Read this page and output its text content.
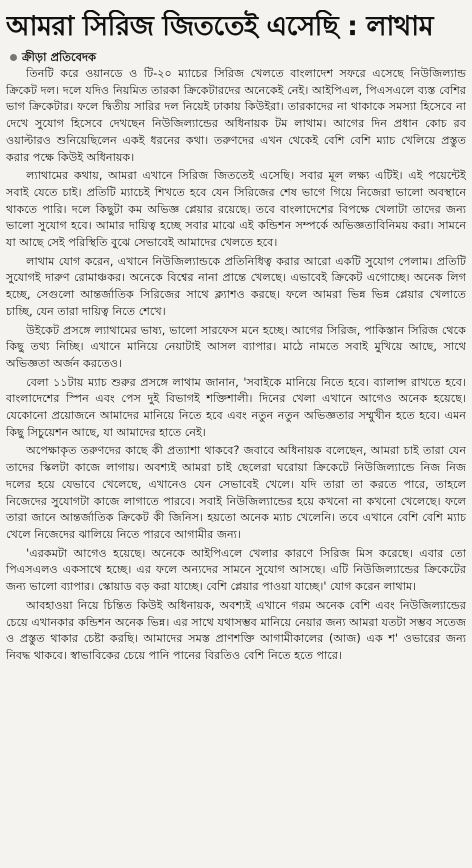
আমরা সিরিজ জিততেই এসেছি : লাথাম
ক্রীড়া প্রতিবেদক

তিনটি করে ওয়ানডে ও টি-২০ ম্যাচের সিরিজ খেলতে বাংলাদেশ সফরে এসেছে নিউজিল্যান্ড ক্রিকেট দল। দলে যদিও নিয়মিত তারকা ক্রিকেটারদের অনেকেই নেই। আইপিএল, পিএসএলে ব্যস্ত বেশির ভাগ ক্রিকেটার। ফলে দ্বিতীয় সারির দল নিয়েই ঢাকায় কিউইরা। তারকাদের না থাকাকে সমস্যা হিসেবে না দেখে সুযোগ হিসেবে দেখছেন নিউজিল্যান্ডের অধিনায়ক টম লাথাম। আগের দিন প্রধান কোচ রব ওয়াল্টারও শুনিয়েছিলেন একই ধরনের কথা। তরুণদের এখন থেকেই বেশি বেশি ম্যাচ খেলিয়ে প্রস্তুত করার পক্ষে কিউই অধিনায়ক।

ল্যাথামের কথায়, আমরা এখানে সিরিজ জিততেই এসেছি। সবার মূল লক্ষ্য এটিই। এই পয়েন্টেই সবাই যেতে চাই। প্রতিটি ম্যাচেই শিখতে হবে যেন সিরিজের শেষ ভাগে গিয়ে নিজেরা ভালো অবস্থানে থাকতে পারি। দলে কিছুটা কম অভিজ্ঞ প্লেয়ার রয়েছে। তবে বাংলাদেশের বিপক্ষে খেলাটা তাদের জন্য ভালো সুযোগ হবে। আমার দায়িত্ব হচ্ছে সবার মাঝে এই কন্ডিশন সম্পর্কে অভিজ্ঞতাবিনিময় করা। সামনে যা আছে সেই পরিস্থিতি বুঝে সেভাবেই আমাদের খেলতে হবে।

লাথাম যোগ করেন, এখানে নিউজিল্যান্ডকে প্রতিনিধিত্ব করার আরো একটি সুযোগ পেলাম। প্রতিটি সুযোগই দারুণ রোমাঞ্চকর। অনেকে বিশ্বের নানা প্রান্তে খেলছে। এভাবেই ক্রিকেট এগোচ্ছে। অনেক লিগ হচ্ছে, সেগুলো আন্তর্জাতিক সিরিজের সাথে ক্ল্যাশও করছে। ফলে আমরা ভিন্ন ভিন্ন প্লেয়ার খেলাতে চাচ্ছি, যেন তারা দায়িত্ব নিতে শেখে।

উইকেট প্রসঙ্গে ল্যাথামের ভাষ্য, ভালো সারফেস মনে হচ্ছে। আগের সিরিজ, পাকিস্তান সিরিজ থেকে কিছু তথ্য নিচ্ছি। এখানে মানিয়ে নেয়াটাই আসল ব্যাপার। মাঠে নামতে সবাই মুখিয়ে আছে, সাথে অভিজ্ঞতা অর্জন করতেও।

বেলা ১১টায় ম্যাচ শুরুর প্রসঙ্গে লাথাম জানান, 'সবাইকে মানিয়ে নিতে হবে। ব্যালান্স রাখতে হবে। বাংলাদেশের স্পিন এবং পেস দুই বিভাগই শক্তিশালী। দিনের খেলা এখানে আগেও অনেক হয়েছে। যেকোনো প্রয়োজনে আমাদের মানিয়ে নিতে হবে এবং নতুন নতুন অভিজ্ঞতার সম্মুখীন হতে হবে। এমন কিছু সিচুয়েশন আছে, যা আমাদের হাতে নেই।

অপেক্ষাকৃত তরুণদের কাছে কী প্রত্যাশা থাকবে? জবাবে অধিনায়ক বলেছেন, আমরা চাই তারা যেন তাদের স্কিলটা কাজে লাগায়। অবশ্যই আমরা চাই ছেলেরা ঘরোয়া ক্রিকেটে নিউজিল্যান্ডে নিজ নিজ দলের হয়ে যেভাবে খেলেছে, এখানেও যেন সেভাবেই খেলে। যদি তারা তা করতে পারে, তাহলে নিজেদের সুযোগটা কাজে লাগাতে পারবে। সবাই নিউজিল্যান্ডের হয়ে কখনো না কখনো খেলেছে। ফলে তারা জানে আন্তর্জাতিক ক্রিকেট কী জিনিস। হয়তো অনেক ম্যাচ খেলেনি। তবে এখানে বেশি বেশি ম্যাচ খেলে নিজেদের ঝালিয়ে নিতে পারবে আগামীর জন্য।

'এরকমটা আগেও হয়েছে। অনেকে আইপিএলে খেলার কারণে সিরিজ মিস করেছে। এবার তো পিএসএলও একসাথে হচ্ছে। এর ফলে অন্যদের সামনে সুযোগ আসছে। এটি নিউজিল্যান্ডের ক্রিকেটের জন্য ভালো ব্যাপার। স্কোয়াড বড় করা যাচ্ছে। বেশি প্লেয়ার পাওয়া যাচ্ছে।' যোগ করেন লাথাম।

আবহাওয়া নিয়ে চিন্তিত কিউই অধিনায়ক, অবশ্যই এখানে গরম অনেক বেশি এবং নিউজিল্যান্ডের চেয়ে এখানকার কন্ডিশন অনেক ভিন্ন। এর সাথে যথাসম্ভব মানিয়ে নেয়ার জন্য আমরা যতটা সম্ভব সতেজ ও প্রস্তুত থাকার চেষ্টা করছি। আমাদের সমস্ত প্রাণশক্তি আগামীকালের (আজ) এক শ' ওভারের জন্য নিবদ্ধ থাকবে। স্বাভাবিকের চেয়ে পানি পানের বিরতিও বেশি নিতে হতে পারে।
